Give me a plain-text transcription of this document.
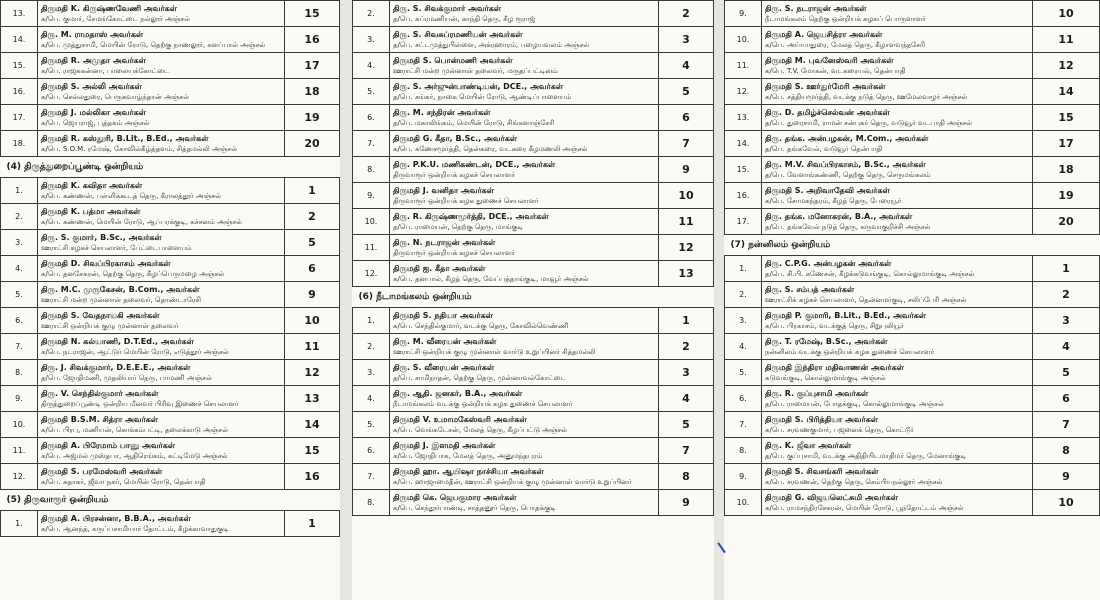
13.	திருமதி K. கிருஷ்ணவேணி அவர்கள்
க/பெ. குமார், சேமங்கோட்டை நல்லூர் அஞ்சல்	15
14.	திரு. M. ராமதாஸ் அவர்கள்
க/பெ. முத்துசாமி, மெயின் ரோடு, தெற்கு நாணலூர், களப்பால் அஞ்சல்	16
15.	திருமதி R. அமுதா அவர்கள்
க/பெ. ராஜசுகன்னா, பாலையக்கோட்டை	17
16.	திருமதி S. அல்லி அவர்கள்
க/பெ. செல்லதுரை, பெருகவாழ்ந்தான் அஞ்சல்	18
17.	திருமதி J. மல்லிகா அவர்கள்
க/பெ. ஜெயராஜ், புத்தகம் அஞ்சல்	19
18.	திருமதி R. கஸ்தூரி, B.Lit., B.Ed., அவர்கள்
க/பெ. S.O.M. ரமேஷ், கோவில்கீழ்த்தளம், சித்தமல்லி அஞ்சல்	20
(4) திருத்துறைப்பூண்டி ஒன்றியம்		
1.	திருமதி K. கவிதா அவர்கள்
க/பெ. கண்ணன், பள்ளிக்கூடத் தெரு, கீராலத்தூர் அஞ்சல்	1
2.	திருமதி K. பத்மா அவர்கள்
க/பெ. கண்ணன், மெயின் ரோடு, ஆப்பரக்குடி, கச்சனம் அஞ்சல்	2
3.	திரு. S. குமார், B.Sc., அவர்கள்
ஊராட்சி கழகச் செயலாளர், பேட்டைபாளையம்	5
4.	திருமதி D. சிவப்பிரகாசம் அவர்கள்
க/பெ. தனசேகரன், தெற்கு தெரு, கீழப்பெருமழை அஞ்சல்	6
5.	திரு. M.C. முருகேசன், B.Com., அவர்கள்
ஊராட்சி மன்ற முன்னாள் தலைவர், தொண்டாரேசி	9
6.	திருமதி S. வேதநாயகி அவர்கள்
ஊராட்சி ஒன்றியக் குழு முன்னாள் தலைவர்	10
7.	திருமதி N. கல்யாணி, D.T.Ed., அவர்கள்
க/பெ. நடராஜன், ஆட்டுர் மெயின் ரோடு, எடுத்தூர் அஞ்சல்	11
8.	திரு. J. சிவக்குமார், D.E.E.E., அவர்கள்
த/பெ. ஜோதிமணி, முதலியார் தெரு, பாமணி அஞ்சல்	12
9.	திரு. V. செந்தில்குமார் அவர்கள்
திருத்துறைப்பூண்டி ஒன்றிய மீனவர் பிரிவு இணைச் செயலாளர்	13
10.	திருமதி B.S.M. சித்ரா அவர்கள்
க/பெ. பிரபு, மணியன், கொக்கம்பட்டி, தலைக்காடு அஞ்சல்	14
11.	திருமதி A. பிரேமாம் பானு அவர்கள்
க/பெ. அஜ்மல் முஸ்தபா, ஆதிரெங்கம், கட்டிமேடு அஞ்சல்	15
12.	திருமதி S. பரமேஸ்வரி அவர்கள்
க/பெ. சுதாகர், ஜீவா நகர், மெயின் ரோடு, தென்பாதி	16
(5) திருவாரூர் ஒன்றியம்		
1.	திருமதி A. பிரசன்னா, B.B.A., அவர்கள்
க/பெ. ஆனந்த், கருப்பசாமியார் தோட்டம், கீழக்காவாதுகுடி	1
2.	திரு. S. சிவக்குமார் அவர்கள்
த/பெ. சுப்ரமணியன், காந்தி தெரு, கீழ ரூராஜ்	2
3.	திரு. S. சிவசுப்ரமணியன் அவர்கள்
த/பெ. சட்டமுத்துபிள்ளை, அக்ரஹாரம், பழையவலம் அஞ்சல்	3
4.	திருமதி S. பொன்மணி அவர்கள்
ஊராட்சி மன்ற முன்னாள் தலைவர், மருதப்பட்டினம்	4
5.	திரு. S. அர்ஜுன்பாண்டியன், DCE., அவர்கள்
த/பெ. சங்கர், நாகை மெயின் ரோடு, ஆண்டிப்பாளையம்	5
6.	திரு. M. சந்திரன் அவர்கள்
த/பெ. மகாலிங்கம், மெயின் ரோடு, சிங்களாஞ்சேரி	6
7.	திருமதி G. கீதா, B.Sc., அவர்கள்
க/பெ. கணேசமூர்த்தி, தென்கரை, வடகரை கீழமணலி அஞ்சல்	7
8.	திரு. P.K.U. மணிகண்டன், DCE., அவர்கள்
திருவாரூர் ஒன்றியக் கழகச் செயலாளர்	9
9.	திருமதி J. வனிதா அவர்கள்
திருவாரூர் ஒன்றியக் கழக துணைச் செயலாளர்	10
10.	திரு. R. கிருஷ்ணமூர்த்தி, DCE., அவர்கள்
த/பெ. ராமையன், தெற்கு தெரு, மாங்குடி	11
11.	திரு. N. நடராஜன் அவர்கள்
திருவாரூர் ஒன்றியக் கழகச் செயலாளர்	12
12.	திருமதி ஐ. கீதா அவர்கள்
க/பெ. தனபால், கீழத் தெரு, வேப்பத்தாங்குடி, மாவூர் அஞ்சல்	13
(6) நீடாமங்கலம் ஒன்றியம்		
1.	திருமதி S. நதியா அவர்கள்
க/பெ. செந்தில்குமார், வடக்கு தெரு, கோவில்வெண்ணி	1
2.	திரு. M. வீரையன் அவர்கள்
ஊராட்சி ஒன்றியக் குழு முன்னாள் வார்டு உறுப்பினர் சித்தமல்லி	2
3.	திரு. S. வீரையன் அவர்கள்
த/பெ. சாமிநாதன், தெற்கு தெரு, முன்னாவல்கோட்டை	3
4.	திரு. ஆதி. ஜனகர், B.A., அவர்கள்
நீடாமங்கலம் வடக்கு ஒன்றியக் கழக துணைச் செயலாளர்	4
5.	திருமதி V. உமாமகேஸ்வரி அவர்கள்
க/பெ. வெங்கடேசன், மேலத் தெரு, கீழப்பட்டு அஞ்சல்	5
6.	திருமதி J. இளமதி அவர்கள்
க/பெ. ஜோதிபாசு, மேலத் தெரு, அனுமந்தபுரம்	7
7.	திருமதி ஹா. ஆயிஷா நாச்சியா அவர்கள்
க/பெ. ஹாஜாமைதீன், ஊராட்சி ஒன்றியக் குழு முன்னாள் வார்டு உறுப்பினர்	8
8.	திருமதி கெ. ஜெபகுமார அவர்கள்
க/பெ. செந்தூர்பாண்டி, சாத்தனூர் தெரு, பொதக்குடி	9
9.	திரு. S. நடராஜன் அவர்கள்
நீடாமங்கலம் தெற்கு ஒன்றியக் கழகப் பொருளாளர்	10
10.	திருமதி A. ஜெயசித்ரா அவர்கள்
க/பெ. அய்யாதுரை, மேலத் தெரு, கீழாளவந்தசேரி	11
11.	திருமதி M. புவனேஸ்வரி அவர்கள்
க/பெ. T.V. மோகன், வடகரையல், தென்பாதி	12
12.	திருமதி S. ஊர்துர்மேரி அவர்கள்
க/பெ. சத்தியமூர்த்தி, வடக்கு நடுத் தெரு, ஊமேலவழூர் அஞ்சல்	14
13.	திரு. D. தமிழ்ச்செல்வன் அவர்கள்
த/பெ. துரைசாமி, ராமன் சன்புகர் தெரு, வடுவூர் வடபாதி அஞ்சல்	15
14.	திரு. தங்க. அன்பழகன், M.Com., அவர்கள்
த/பெ. தங்கவேல், வடுவூர் தென்பாதி	17
15.	திரு. M.V. சிவப்பிரகாசம், B.Sc., அவர்கள்
த/பெ. வேளாங்கண்ணி, தெற்கு தெரு, செருமங்கலம்	18
16.	திருமதி S. அறிவாதேவி அவர்கள்
க/பெ. சோமசுந்தரம், கீழத் தெரு, பேரையூர்	19
17.	திரு. தங்க. மனோகரன், B.A., அவர்கள்
த/பெ. தங்கவேல் நடுத் தெரு, கருவாகுறிச்சி அஞ்சல்	20
(7) நன்னிலம் ஒன்றியம்		
1.	திரு. C.P.G. அன்பழகன் அவர்கள்
த/பெ. சி.பி. கணேசன், கீழக்கடுவங்குடி, கொல்லுமாங்குடி அஞ்சல்	1
2.	திரு. S. சம்பத் அவர்கள்
ஊராட்சிக் கழகச் செயலாளர், தென்னமர்குடி, சலிப்பேரி அஞ்சல்	2
3.	திருமதி P. குமாரி, B.Lit., B.Ed., அவர்கள்
க/பெ. பிரகாசம், வடக்குத் தெரு, சிறுபுலியூர்	3
4.	திரு. T. ரமேஷ், B.Sc., அவர்கள்
நன்னிலம் வடக்கு ஒன்றியக் கழக துணைச் செயலாளர்	4
5.	திருமதி இந்திரா மதிவாணன் அவர்கள்
கடுவங்குடி, கொல்லுமாங்குடி அஞ்சல்	5
6.	திரு. R. குப்புசாமி அவர்கள்
த/பெ. ராமையன், போதக்குடி, கொல்லுமாங்குடி அஞ்சல்	6
7.	திருமதி S. பிரித்தியா அவர்கள்
க/பெ. சரவணகுமார், பஜனைக் தெரு, கொட்டூர்	7
8.	திரு. K. ஜீவா அவர்கள்
த/பெ. குப்புசாமி, வடக்கு அதிதியிடமாதிமர் தெரு, மேனாங்குடி	8
9.	திருமதி S. சிவசங்கரி அவர்கள்
க/பெ. சரவணன், தெற்கு தெரு, செம்பியநல்லூர் அஞ்சல்	9
10.	திருமதி G. விஜயலெட்சுமி அவர்கள்
க/பெ. ராமசந்திரசேகரன், மெயின் ரோடு, பூந்தோட்டம் அஞ்சல்	10
